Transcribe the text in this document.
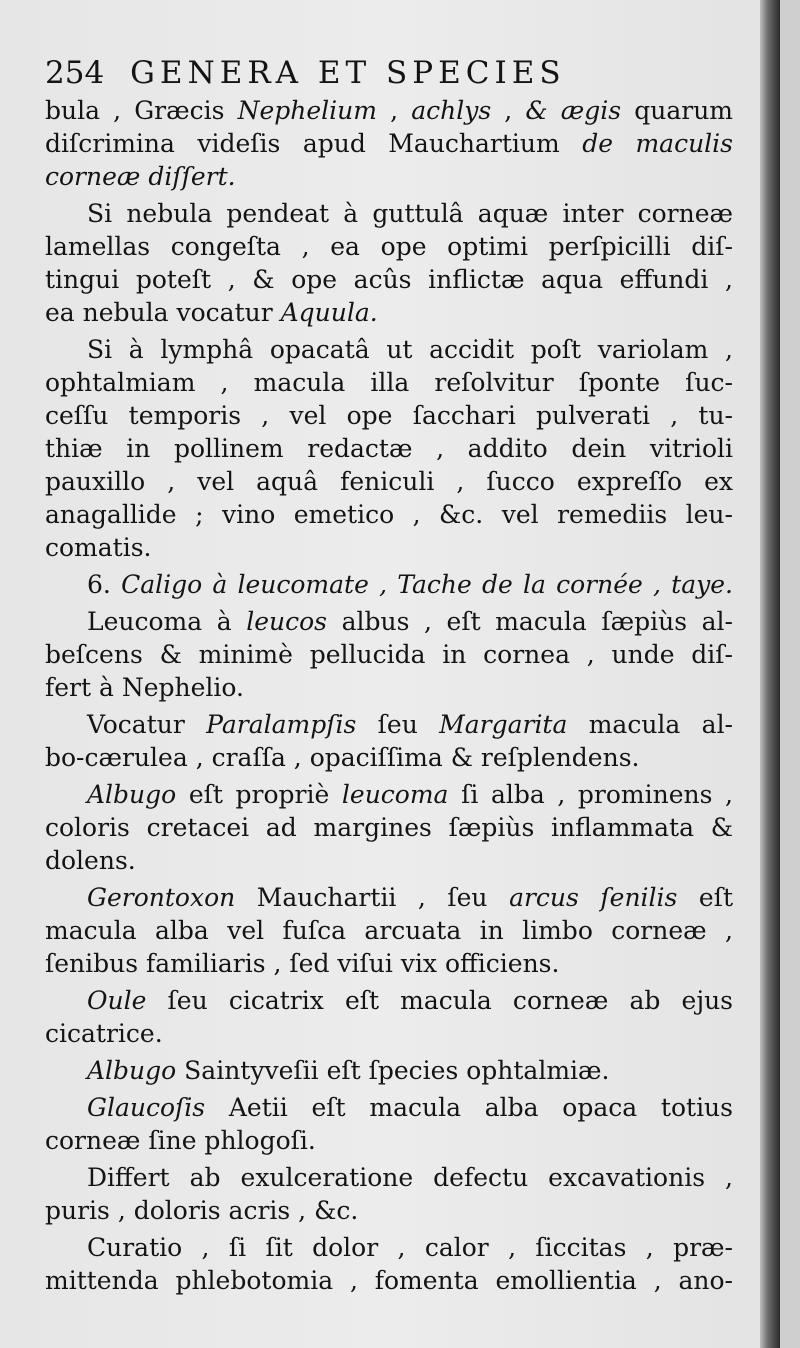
254 GENERA ET SPECIES
bula , Græcis Nephelium , achlys , & ægis quarum
diſcrimina videſis apud Mauchartium de maculis
corneæ diſſert.
Si nebula pendeat à guttulâ aquæ inter corneæ
lamellas congeſta , ea ope optimi perſpicilli diſ-
tingui poteſt , & ope acûs inflictæ aqua effundi ,
ea nebula vocatur Aquula.
Si à lymphâ opacatâ ut accidit poſt variolam ,
ophtalmiam , macula illa reſolvitur ſponte ſuc-
ceſſu temporis , vel ope ſacchari pulverati , tu-
thiæ in pollinem redactæ , addito dein vitrioli
pauxillo , vel aquâ feniculi , ſucco expreſſo ex
anagallide ; vino emetico , &c. vel remediis leu-
comatis.
6. Caligo à leucomate , Tache de la cornée , taye.
Leucoma à leucos albus , eſt macula ſæpiùs al-
beſcens & minimè pellucida in cornea , unde diſ-
fert à Nephelio.
Vocatur Paralampſis ſeu Margarita macula al-
bo-cærulea , craſſa , opaciſſima & reſplendens.
Albugo eſt propriè leucoma ſi alba , prominens ,
coloris cretacei ad margines ſæpiùs inflammata &
dolens.
Gerontoxon Mauchartii , ſeu arcus ſenilis eſt
macula alba vel fuſca arcuata in limbo corneæ ,
ſenibus familiaris , ſed viſui vix officiens.
Oule ſeu cicatrix eſt macula corneæ ab ejus
cicatrice.
Albugo Saintyveſii eſt ſpecies ophtalmiæ.
Glaucoſis Aetii eſt macula alba opaca totius
corneæ ſine phlogoſi.
Differt ab exulceratione defectu excavationis ,
puris , doloris acris , &c.
Curatio , ſi ſit dolor , calor , ſiccitas , præ-
mittenda phlebotomia , fomenta emollientia , ano-
